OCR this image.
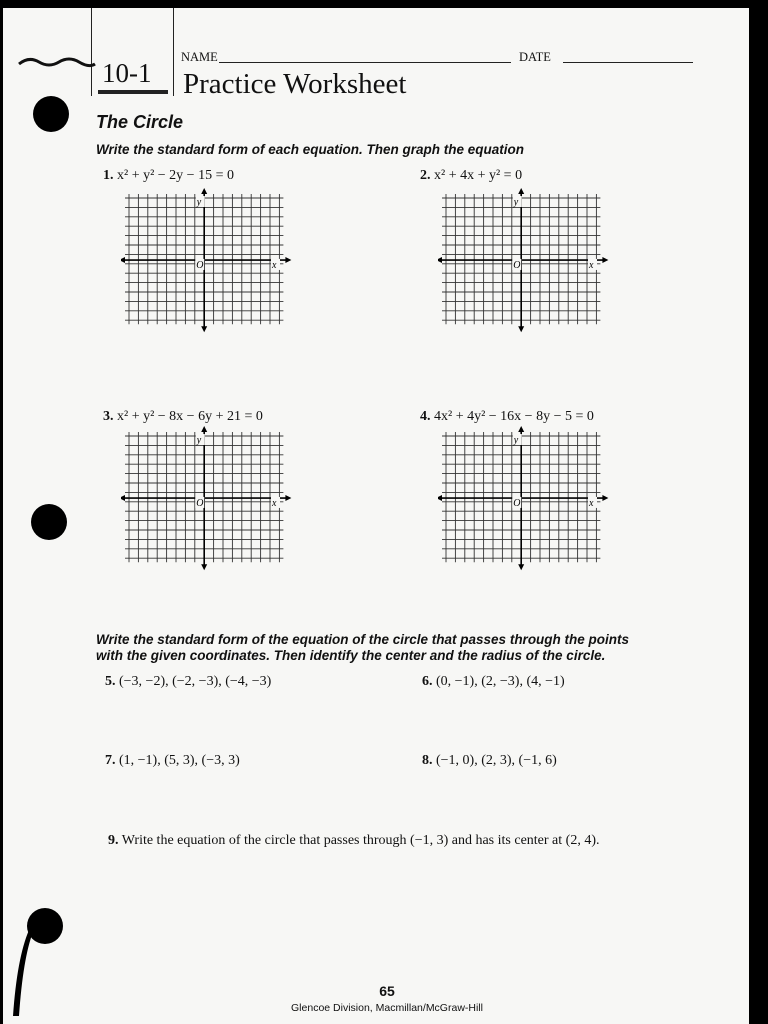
10-1
NAME	DATE
Practice Worksheet
The Circle
Write the standard form of each equation. Then graph the equation
1. x² + y² − 2y − 15 = 0	2. x² + 4x + y² = 0
y
O	x
y
O	x
3. x² + y² − 8x − 6y + 21 = 0	4. 4x² + 4y² − 16x − 8y − 5 = 0
y
O	x
y
O	x
Write the standard form of the equation of the circle that passes through the points
with the given coordinates. Then identify the center and the radius of the circle.
5. (−3, −2), (−2, −3), (−4, −3)	6. (0, −1), (2, −3), (4, −1)
7. (1, −1), (5, 3), (−3, 3)	8. (−1, 0), (2, 3), (−1, 6)
9. Write the equation of the circle that passes through (−1, 3) and has its center at (2, 4).
65
Glencoe Division, Macmillan/McGraw-Hill
